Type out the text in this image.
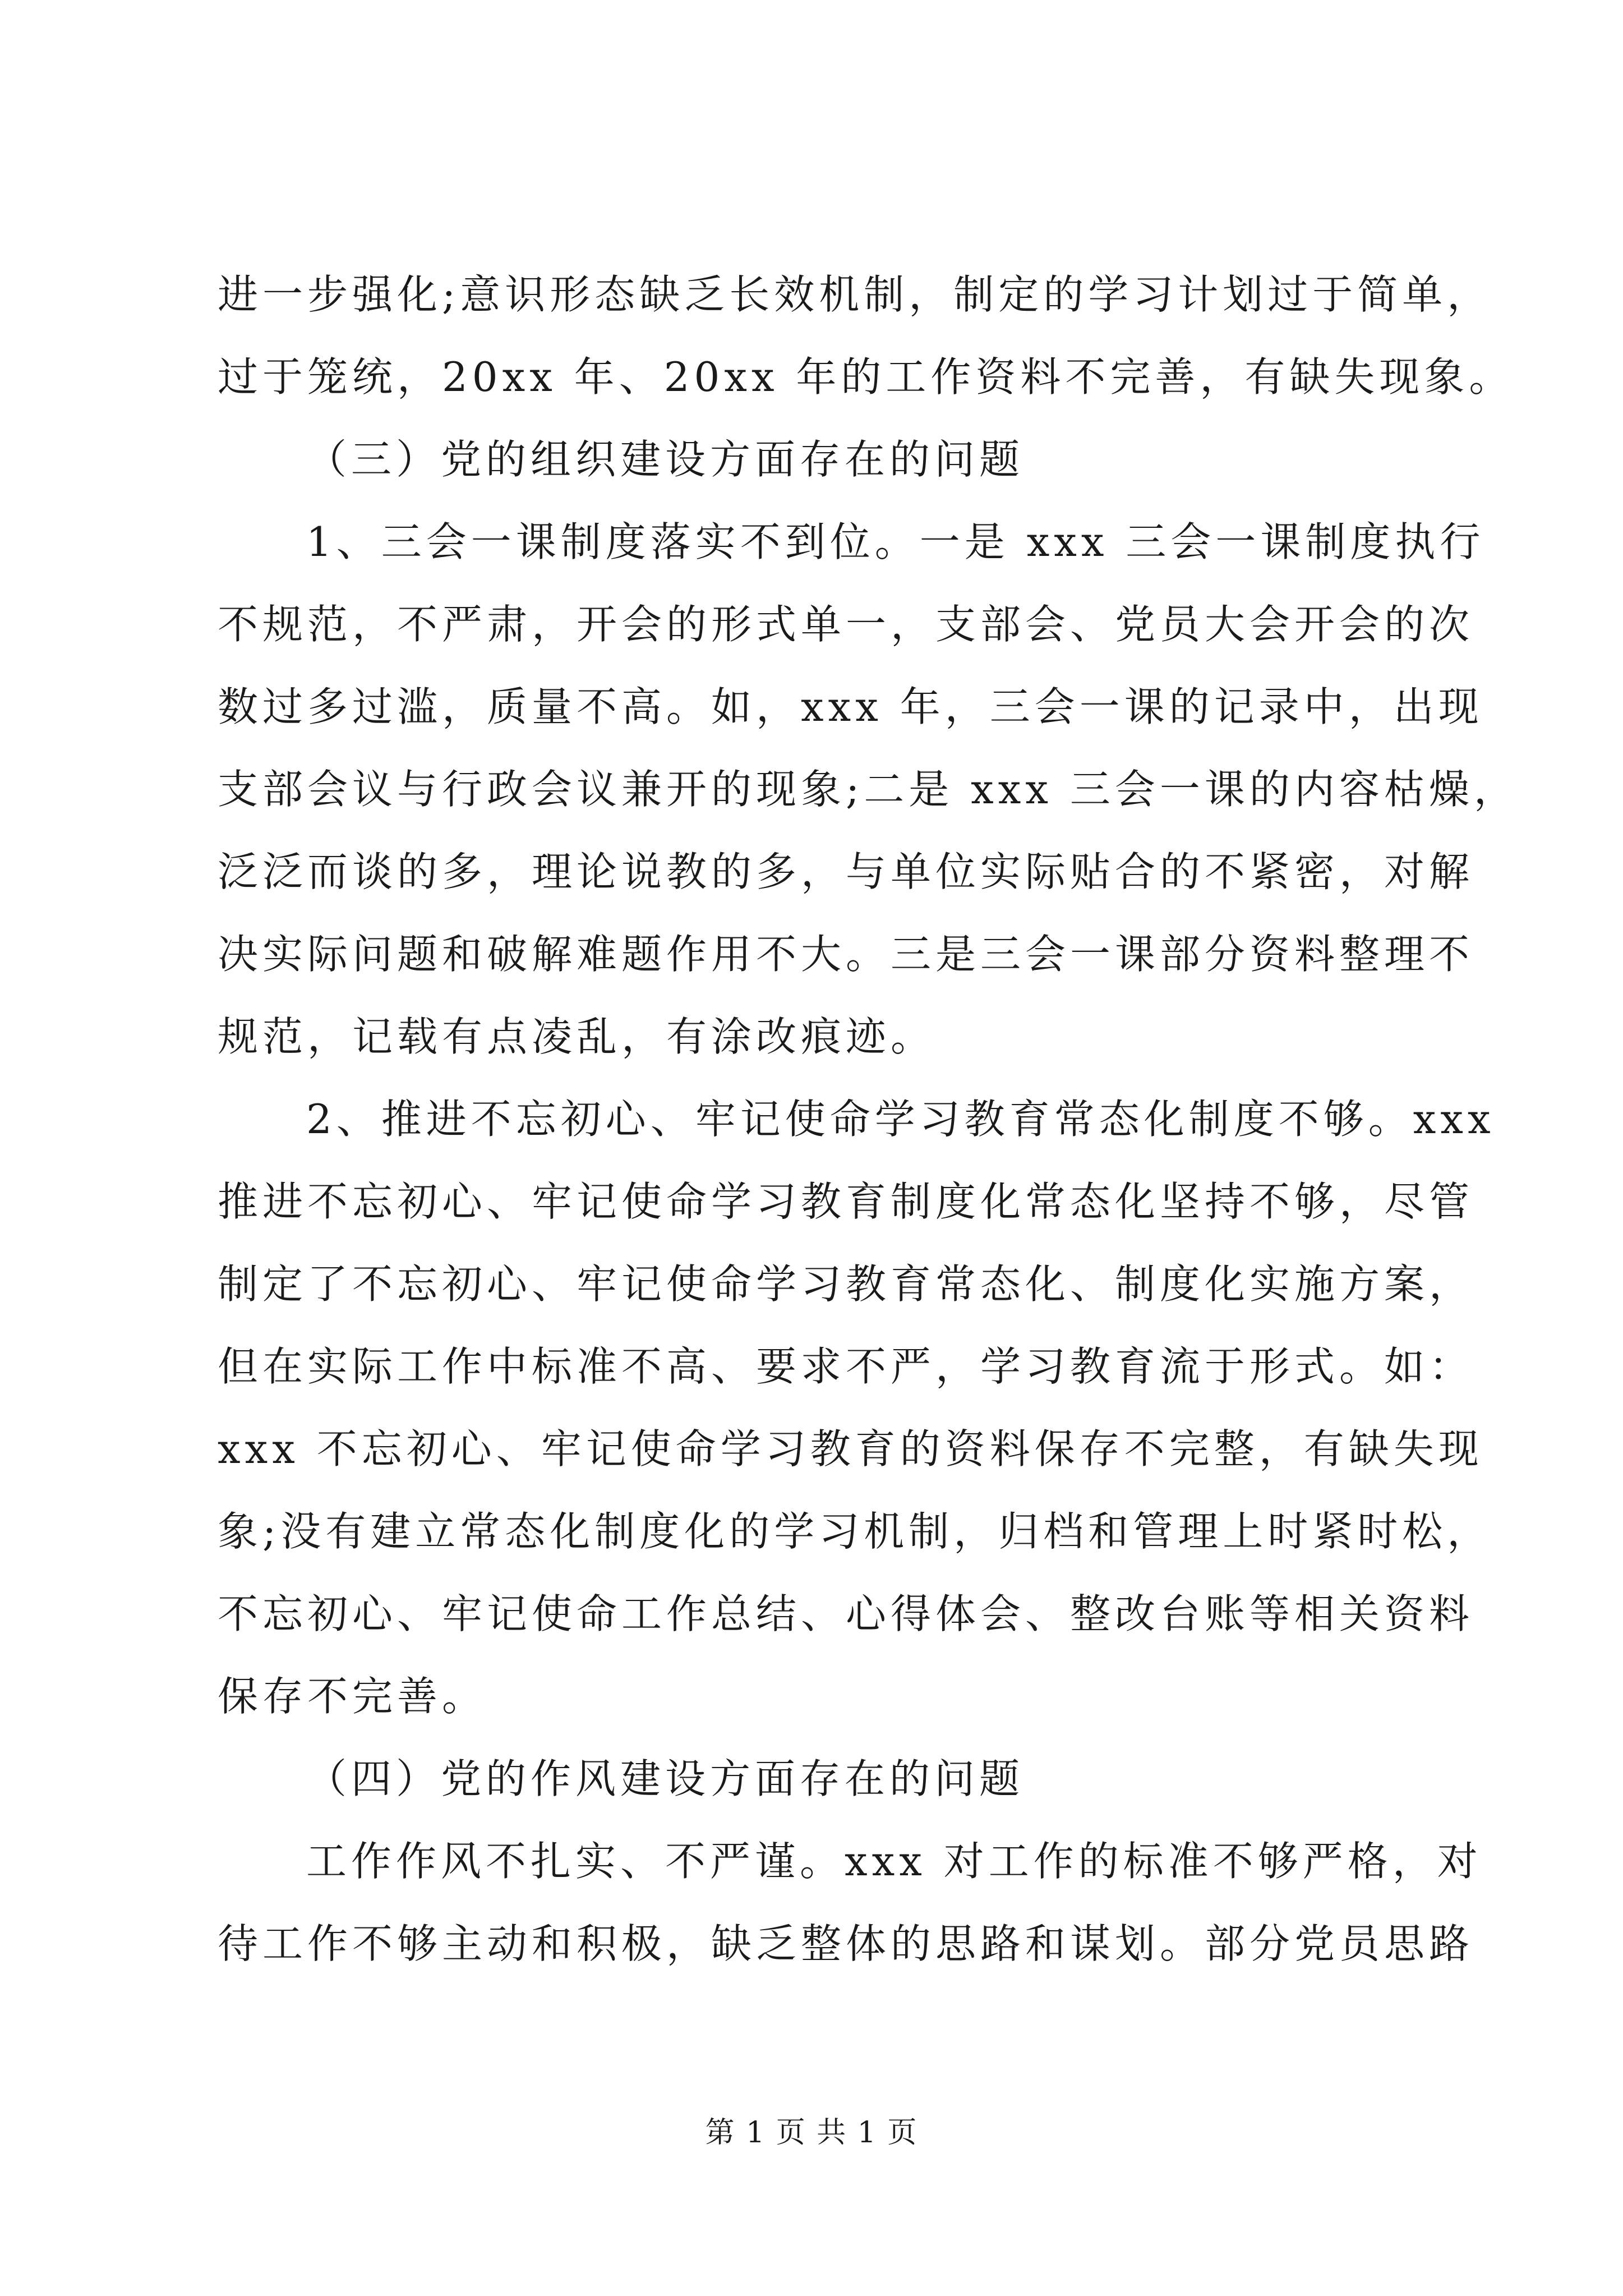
进一步强化;意识形态缺乏长效机制，制定的学习计划过于简单，
过于笼统，20xx 年、20xx 年的工作资料不完善，有缺失现象。
（三）党的组织建设方面存在的问题
1、三会一课制度落实不到位。一是 xxx 三会一课制度执行
不规范，不严肃，开会的形式单一，支部会、党员大会开会的次
数过多过滥，质量不高。如，xxx 年，三会一课的记录中，出现
支部会议与行政会议兼开的现象;二是 xxx 三会一课的内容枯燥，
泛泛而谈的多，理论说教的多，与单位实际贴合的不紧密，对解
决实际问题和破解难题作用不大。三是三会一课部分资料整理不
规范，记载有点凌乱，有涂改痕迹。
2、推进不忘初心、牢记使命学习教育常态化制度不够。xxx
推进不忘初心、牢记使命学习教育制度化常态化坚持不够，尽管
制定了不忘初心、牢记使命学习教育常态化、制度化实施方案，
但在实际工作中标准不高、要求不严，学习教育流于形式。如：
xxx 不忘初心、牢记使命学习教育的资料保存不完整，有缺失现
象;没有建立常态化制度化的学习机制，归档和管理上时紧时松，
不忘初心、牢记使命工作总结、心得体会、整改台账等相关资料
保存不完善。
（四）党的作风建设方面存在的问题
工作作风不扎实、不严谨。xxx 对工作的标准不够严格，对
待工作不够主动和积极，缺乏整体的思路和谋划。部分党员思路
第 1 页 共 1 页
